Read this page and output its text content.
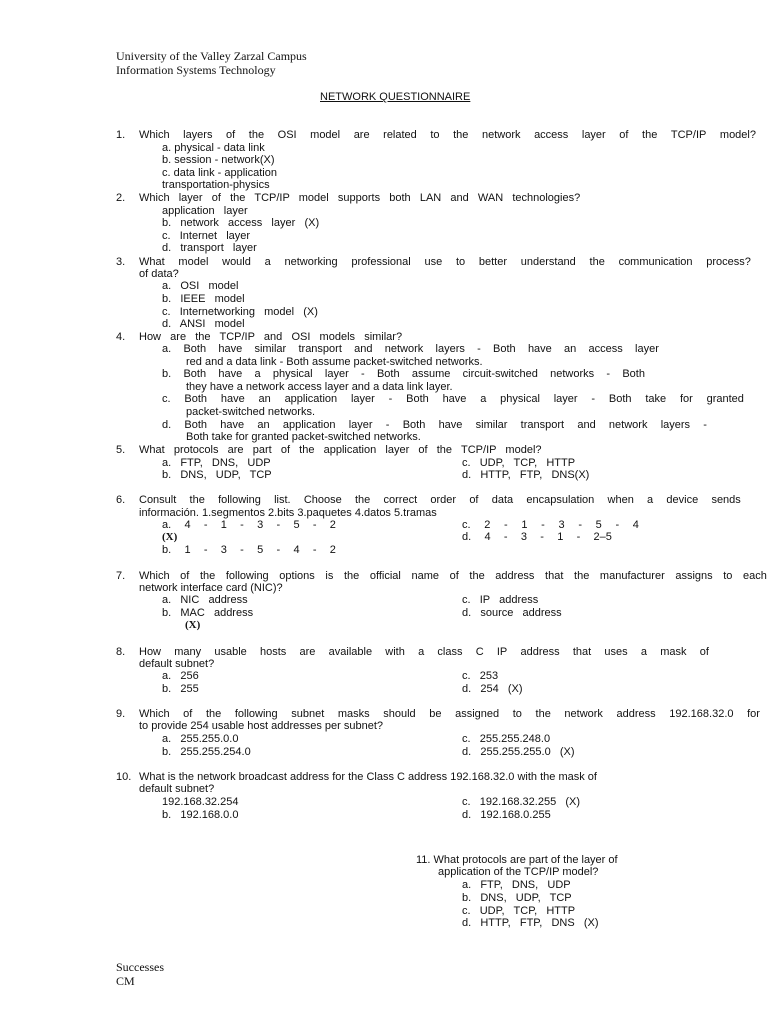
University of the Valley Zarzal Campus
Information Systems Technology
NETWORK QUESTIONNAIRE
1. Which layers of the OSI model are related to the network access layer of the TCP/IP model?
a. physical - data link
b. session - network(X)
c. data link - application
transportation-physics
2. Which   layer   of   the   TCP/IP   model   supports   both   LAN   and   WAN   technologies?
application   layer
b.   network   access   layer   (X)
c.   Internet   layer
d.   transport   layer
3. What model would a networking professional use to better understand the communication process?
of data?
a.   OSI   model
b.   IEEE   model
c.   Internetworking   model   (X)
d.   ANSI   model
4. How   are   the   TCP/IP   and   OSI   models   similar?
a. Both have similar transport and network layers - Both have an access layer
red and a data link - Both assume packet-switched networks.
b. Both have a physical layer - Both assume circuit-switched networks - Both
they have a network access layer and a data link layer.
c. Both have an application layer - Both have a physical layer - Both take for granted
packet-switched networks.
d. Both have an application layer - Both have similar transport and network layers -
Both take for granted packet-switched networks.
5. What   protocols   are   part   of   the   application   layer   of   the   TCP/IP   model?
a.   FTP,   DNS,   UDP
b.   DNS,   UDP,   TCP
c.   UDP,   TCP,   HTTP
d.   HTTP,   FTP,   DNS(X)
6. Consult the following list. Choose the correct order of data encapsulation when a device sends
información. 1.segmentos 2.bits 3.paquetes 4.datos 5.tramas
a. 4 - 1 - 3 - 5 - 2
(X)
b. 1 - 3 - 5 - 4 - 2
c. 2 - 1 - 3 - 5 - 4
d. 4 - 3 - 1 - 2–5
7. Which of the following options is the official name of the address that the manufacturer assigns to each
network interface card (NIC)?
a.   NIC   address
b.   MAC   address
(X)
c.   IP   address
d.   source   address
8. How many usable hosts are available with a class C IP address that uses a mask of
default subnet?
a.   256
b.   255
c.   253
d.   254   (X)
9. Which of the following subnet masks should be assigned to the network address 192.168.32.0 for
to provide 254 usable host addresses per subnet?
a.   255.255.0.0
b.   255.255.254.0
c.   255.255.248.0
d.   255.255.255.0   (X)
10. What is the network broadcast address for the Class C address 192.168.32.0 with the mask of
default subnet?
192.168.32.254
b.   192.168.0.0
c.   192.168.32.255   (X)
d.   192.168.0.255
11. What protocols are part of the layer of
application of the TCP/IP model?
a.   FTP,   DNS,   UDP
b.   DNS,   UDP,   TCP
c.   UDP,   TCP,   HTTP
d.   HTTP,   FTP,   DNS   (X)
Successes
CM
